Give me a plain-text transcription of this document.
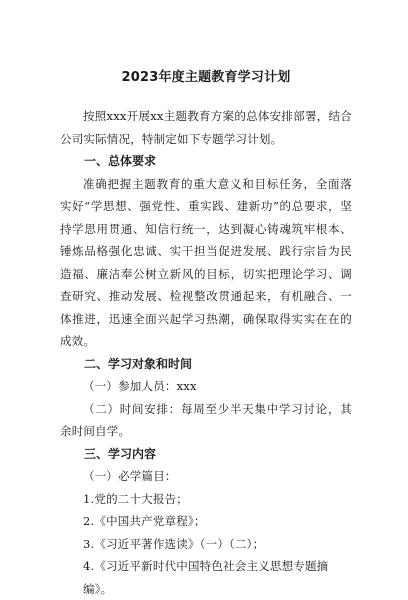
2023年度主题教育学习计划

按照xxx开展xx主题教育方案的总体安排部署，结合公司实际情况，特制定如下专题学习计划。

一、总体要求

准确把握主题教育的重大意义和目标任务，全面落实好“学思想、强党性、重实践、建新功”的总要求，坚持学思用贯通、知信行统一，达到凝心铸魂筑牢根本、锤炼品格强化忠诚、实干担当促进发展、践行宗旨为民造福、廉洁奉公树立新风的目标，切实把理论学习、调查研究、推动发展、检视整改贯通起来，有机融合、一体推进，迅速全面兴起学习热潮，确保取得实实在在的成效。

二、学习对象和时间

（一）参加人员：xxx

（二）时间安排：每周至少半天集中学习讨论，其余时间自学。

三、学习内容

（一）必学篇目：

1.党的二十大报告；

2.《中国共产党章程》；

3.《习近平著作选读》（一）（二）；

4.《习近平新时代中国特色社会主义思想专题摘编》。
